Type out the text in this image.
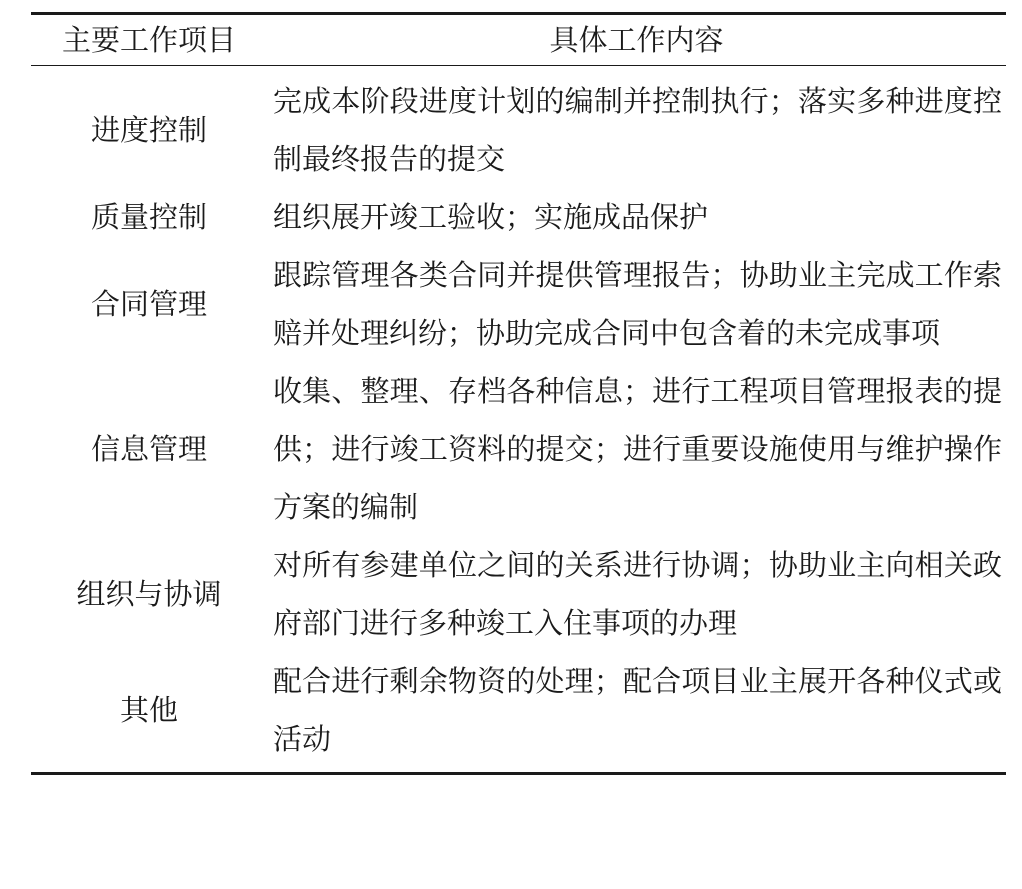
主要工作项目	具体工作内容
进度控制	完成本阶段进度计划的编制并控制执行；落实多种进度控制最终报告的提交
质量控制	组织展开竣工验收；实施成品保护
合同管理	跟踪管理各类合同并提供管理报告；协助业主完成工作索赔并处理纠纷；协助完成合同中包含着的未完成事项
信息管理	收集、整理、存档各种信息；进行工程项目管理报表的提供；进行竣工资料的提交；进行重要设施使用与维护操作方案的编制
组织与协调	对所有参建单位之间的关系进行协调；协助业主向相关政府部门进行多种竣工入住事项的办理
其他	配合进行剩余物资的处理；配合项目业主展开各种仪式或活动
